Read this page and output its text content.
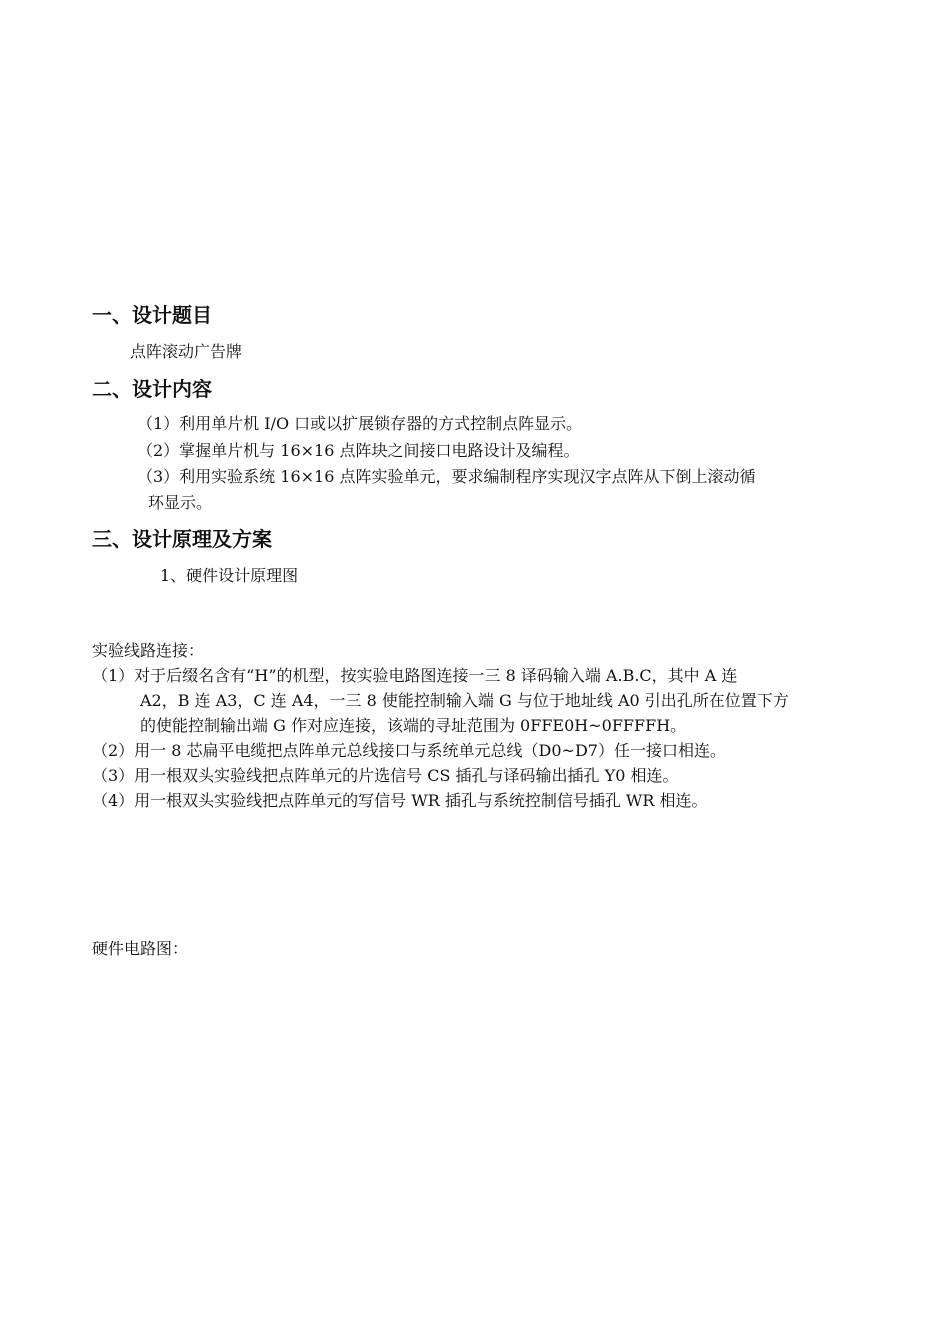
一、设计题目
点阵滚动广告牌
二、设计内容
（1）利用单片机 I/O 口或以扩展锁存器的方式控制点阵显示。
（2）掌握单片机与 16×16 点阵块之间接口电路设计及编程。
（3）利用实验系统 16×16 点阵实验单元，要求编制程序实现汉字点阵从下倒上滚动循
环显示。
三、设计原理及方案
1、硬件设计原理图
实验线路连接：
（1）对于后缀名含有“H”的机型，按实验电路图连接一三 8 译码输入端 A.B.C，其中 A 连
A2，B 连 A3，C 连 A4，一三 8 使能控制输入端 G 与位于地址线 A0 引出孔所在位置下方
的使能控制输出端 G 作对应连接，该端的寻址范围为 0FFE0H~0FFFFH。
（2）用一 8 芯扁平电缆把点阵单元总线接口与系统单元总线（D0~D7）任一接口相连。
（3）用一根双头实验线把点阵单元的片选信号 CS 插孔与译码输出插孔 Y0 相连。
（4）用一根双头实验线把点阵单元的写信号 WR 插孔与系统控制信号插孔 WR 相连。
硬件电路图：
